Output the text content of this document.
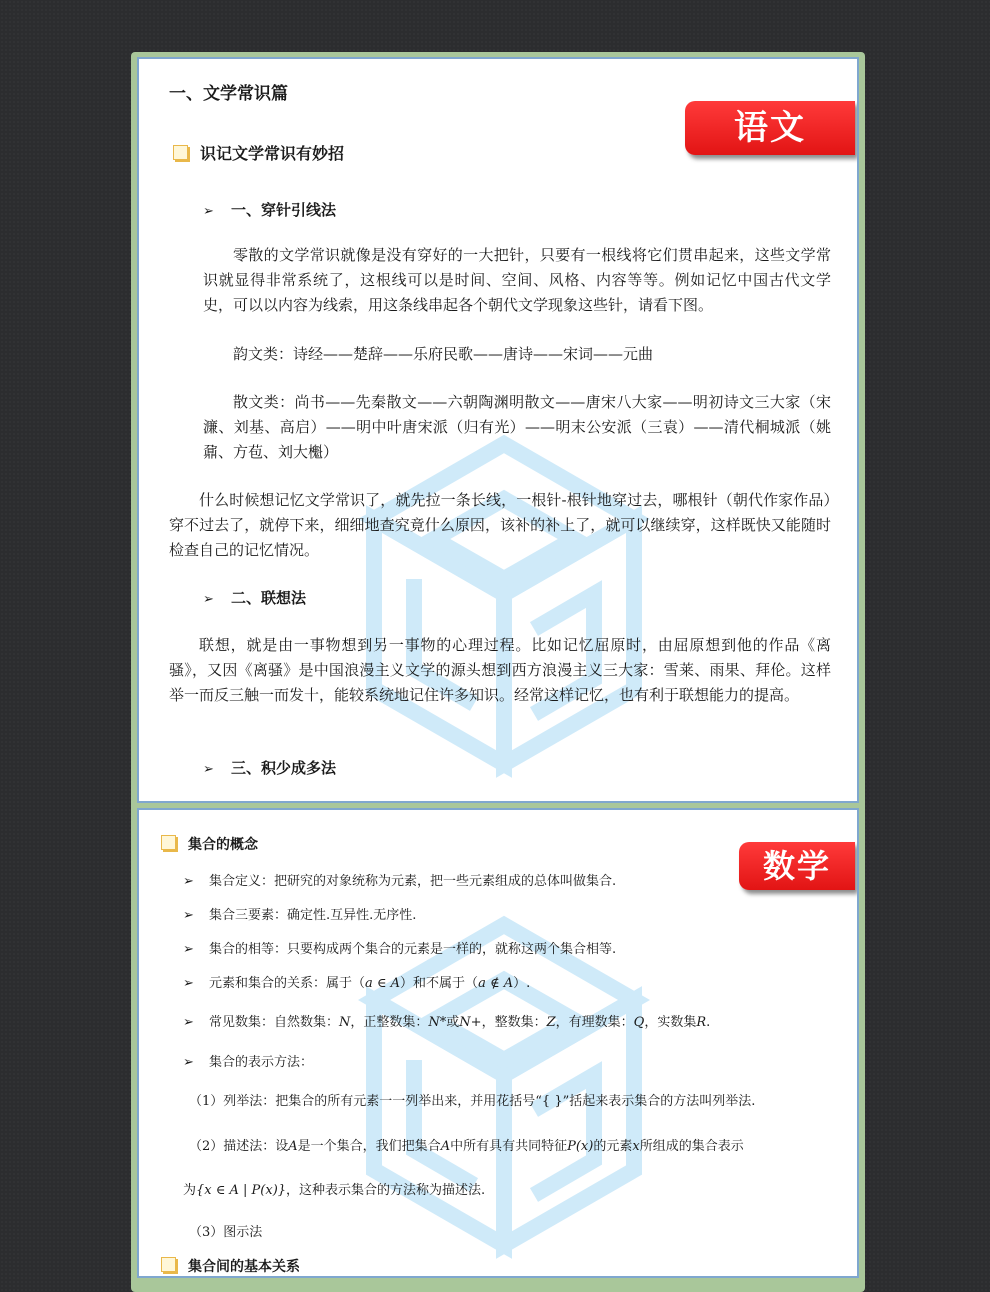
语文
一、文学常识篇
识记文学常识有妙招
➢ 一、穿针引线法
零散的文学常识就像是没有穿好的一大把针，只要有一根线将它们贯串起来，这些文学常识就显得非常系统了，这根线可以是时间、空间、风格、内容等等。例如记忆中国古代文学史，可以以内容为线索，用这条线串起各个朝代文学现象这些针，请看下图。
韵文类：诗经——楚辞——乐府民歌——唐诗——宋词——元曲
散文类：尚书——先秦散文——六朝陶渊明散文——唐宋八大家——明初诗文三大家（宋濂、刘基、高启）——明中叶唐宋派（归有光）——明末公安派（三袁）——清代桐城派（姚鼐、方苞、刘大櫆）
什么时候想记忆文学常识了，就先拉一条长线，一根针-根针地穿过去，哪根针（朝代作家作品）穿不过去了，就停下来，细细地查究竟什么原因，该补的补上了，就可以继续穿，这样既快又能随时检查自己的记忆情况。
➢ 二、联想法
联想，就是由一事物想到另一事物的心理过程。比如记忆屈原时，由屈原想到他的作品《离骚》，又因《离骚》是中国浪漫主义文学的源头想到西方浪漫主义三大家：雪莱、雨果、拜伦。这样举一而反三触一而发十，能较系统地记住许多知识。经常这样记忆，也有利于联想能力的提高。
➢ 三、积少成多法
数学
集合的概念
➢ 集合定义：把研究的对象统称为元素，把一些元素组成的总体叫做集合.
➢ 集合三要素：确定性.互异性.无序性.
➢ 集合的相等：只要构成两个集合的元素是一样的，就称这两个集合相等.
➢ 元素和集合的关系：属于（a ∈ A）和不属于（a ∉ A）.
➢ 常见数集：自然数集：N，正整数集：N*或N+，整数集：Z，有理数集：Q，实数集R.
➢ 集合的表示方法：
（1）列举法：把集合的所有元素一一列举出来，并用花括号“{ }”括起来表示集合的方法叫列举法.
（2）描述法：设A是一个集合，我们把集合A中所有具有共同特征P(x)的元素x所组成的集合表示
为{x ∈ A | P(x)}，这种表示集合的方法称为描述法.
（3）图示法
集合间的基本关系
